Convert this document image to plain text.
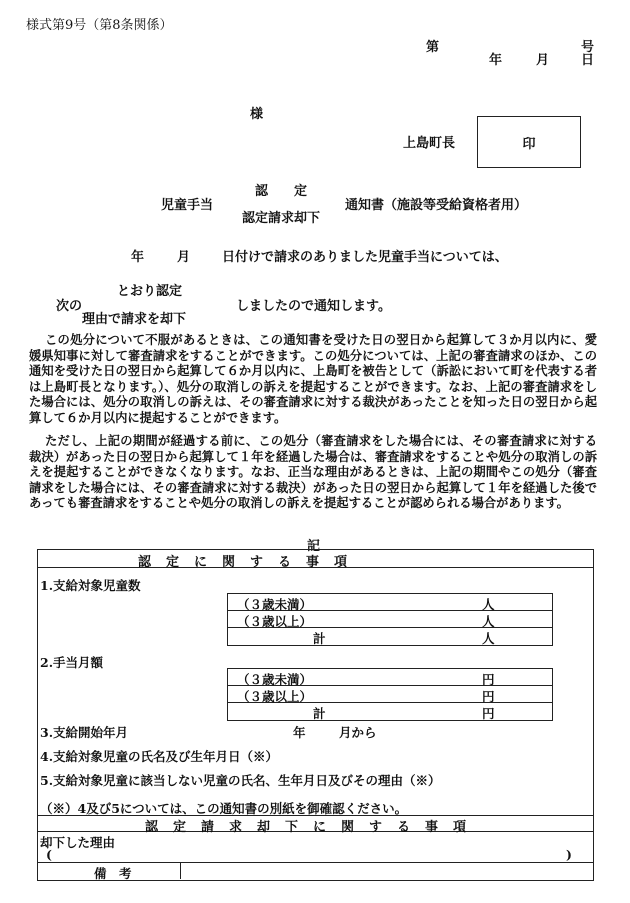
様式第9号（第8条関係）
第	号
年	月 日
様
上島町長	印
認　　定
児童手当
認定請求却下
通知書（施設等受給資格者用）
年	月 日付けで請求のありました児童手当については、
とおり認定
次の	しましたので通知します。
理由で請求を却下
この処分について不服があるときは、この通知書を受けた日の翌日から起算して３か月以内に、愛媛県知事に対して審査請求をすることができます。この処分については、上記の審査請求のほか、この通知を受けた日の翌日から起算して６か月以内に、上島町を被告として（訴訟において町を代表する者は上島町長となります。）、処分の取消しの訴えを提起することができます。なお、上記の審査請求をした場合には、処分の取消しの訴えは、その審査請求に対する裁決があったことを知った日の翌日から起算して６か月以内に提起することができます。
ただし、上記の期間が経過する前に、この処分（審査請求をした場合には、その審査請求に対する裁決）があった日の翌日から起算して１年を経過した場合は、審査請求をすることや処分の取消しの訴えを提起することができなくなります。なお、正当な理由があるときは、上記の期間やこの処分（審査請求をした場合には、その審査請求に対する裁決）があった日の翌日から起算して１年を経過した後であっても審査請求をすることや処分の取消しの訴えを提起することが認められる場合があります。
記
認　定　に　関　す　る　事　項
1.支給対象児童数
（３歳未満）	人
（３歳以上）	人
計	人
2.手当月額
（３歳未満）	円
（３歳以上）	円
計	円
3.支給開始年月	年	月から
4.支給対象児童の氏名及び生年月日（※）
5.支給対象児童に該当しない児童の氏名、生年月日及びその理由（※）
（※）4及び5については、この通知書の別紙を御確認ください。
認　定　請　求　却　下　に　関　す　る　事　項
却下した理由
(	)
備　考
